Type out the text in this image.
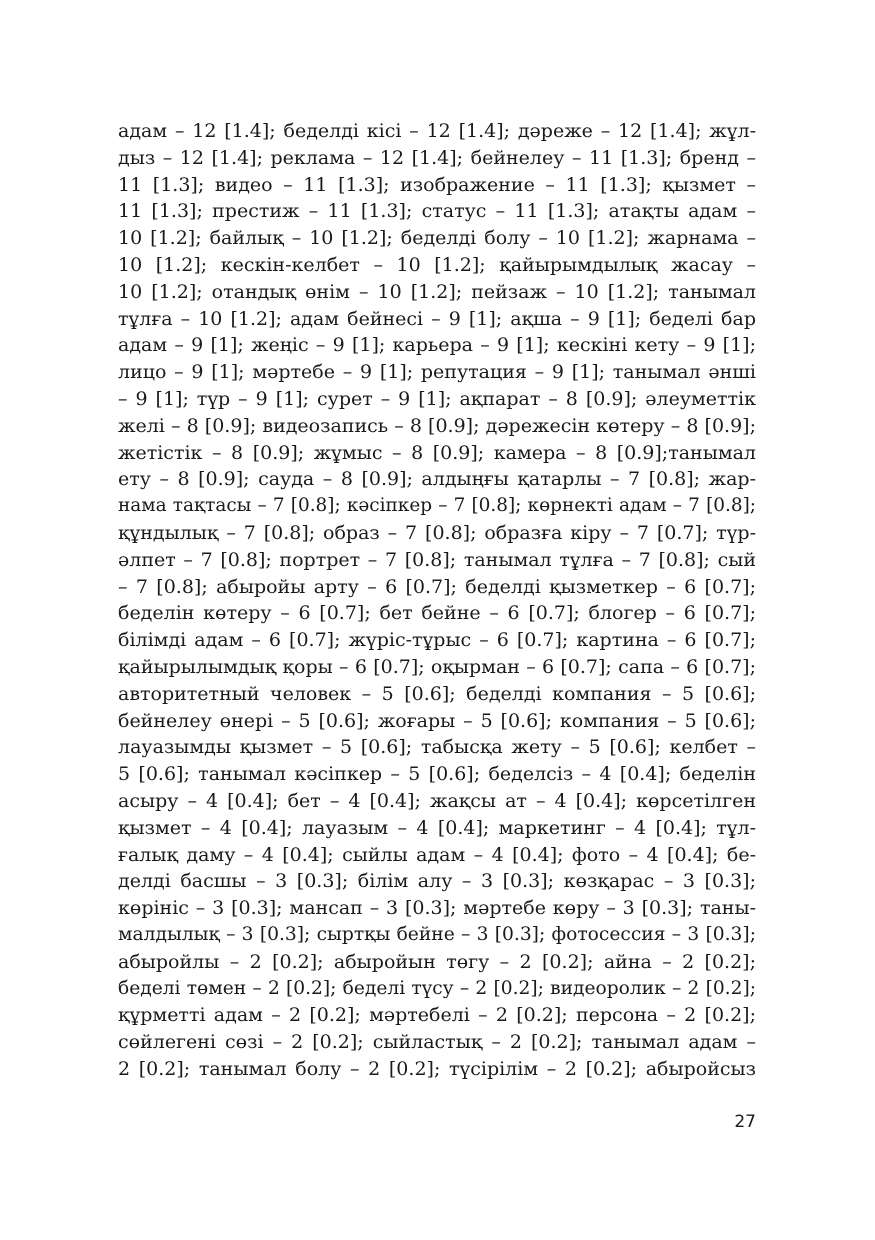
адам – 12 [1.4]; беделді кісі – 12 [1.4]; дәреже – 12 [1.4]; жұл-
дыз – 12 [1.4]; реклама – 12 [1.4]; бейнелеу – 11 [1.3]; бренд –
11 [1.3]; видео – 11 [1.3]; изображение – 11 [1.3]; қызмет –
11 [1.3]; престиж – 11 [1.3]; статус – 11 [1.3]; атақты адам –
10 [1.2]; байлық – 10 [1.2]; беделді болу – 10 [1.2]; жарнама –
10 [1.2]; кескін-келбет – 10 [1.2]; қайырымдылық жасау –
10 [1.2]; отандық өнім – 10 [1.2]; пейзаж – 10 [1.2]; танымал
тұлға – 10 [1.2]; адам бейнесі – 9 [1]; ақша – 9 [1]; беделі бар
адам – 9 [1]; жеңіс – 9 [1]; карьера – 9 [1]; кескіні кету – 9 [1];
лицо – 9 [1]; мәртебе – 9 [1]; репутация – 9 [1]; танымал әнші
– 9 [1]; түр – 9 [1]; сурет – 9 [1]; ақпарат – 8 [0.9]; әлеуметтік
желі – 8 [0.9]; видеозапись – 8 [0.9]; дәрежесін көтеру – 8 [0.9];
жетістік – 8 [0.9]; жұмыс – 8 [0.9]; камера – 8 [0.9];танымал
ету – 8 [0.9]; сауда – 8 [0.9]; алдыңғы қатарлы – 7 [0.8]; жар-
нама тақтасы – 7 [0.8]; кәсіпкер – 7 [0.8]; көрнекті адам – 7 [0.8];
құндылық – 7 [0.8]; образ – 7 [0.8]; образға кіру – 7 [0.7]; түр-
әлпет – 7 [0.8]; портрет – 7 [0.8]; танымал тұлға – 7 [0.8]; сый
– 7 [0.8]; абыройы арту – 6 [0.7]; беделді қызметкер – 6 [0.7];
беделін көтеру – 6 [0.7]; бет бейне – 6 [0.7]; блогер – 6 [0.7];
білімді адам – 6 [0.7]; жүріс-тұрыс – 6 [0.7]; картина – 6 [0.7];
қайырылымдық қоры – 6 [0.7]; оқырман – 6 [0.7]; сапа – 6 [0.7];
авторитетный человек – 5 [0.6]; беделді компания – 5 [0.6];
бейнелеу өнері – 5 [0.6]; жоғары – 5 [0.6]; компания – 5 [0.6];
лауазымды қызмет – 5 [0.6]; табысқа жету – 5 [0.6]; келбет –
5 [0.6]; танымал кәсіпкер – 5 [0.6]; беделсіз – 4 [0.4]; беделін
асыру – 4 [0.4]; бет – 4 [0.4]; жақсы ат – 4 [0.4]; көрсетілген
қызмет – 4 [0.4]; лауазым – 4 [0.4]; маркетинг – 4 [0.4]; тұл-
ғалық даму – 4 [0.4]; сыйлы адам – 4 [0.4]; фото – 4 [0.4]; бе-
делді басшы – 3 [0.3]; білім алу – 3 [0.3]; көзқарас – 3 [0.3];
көрініс – 3 [0.3]; мансап – 3 [0.3]; мәртебе көру – 3 [0.3]; таны-
малдылық – 3 [0.3]; сыртқы бейне – 3 [0.3]; фотосессия – 3 [0.3];
абыройлы – 2 [0.2]; абыройын төгу – 2 [0.2]; айна – 2 [0.2];
беделі төмен – 2 [0.2]; беделі түсу – 2 [0.2]; видеоролик – 2 [0.2];
құрметті адам – 2 [0.2]; мәртебелі – 2 [0.2]; персона – 2 [0.2];
сөйлегені сөзі – 2 [0.2]; сыйластық – 2 [0.2]; танымал адам –
2 [0.2]; танымал болу – 2 [0.2]; түсірілім – 2 [0.2]; абыройсыз
27
